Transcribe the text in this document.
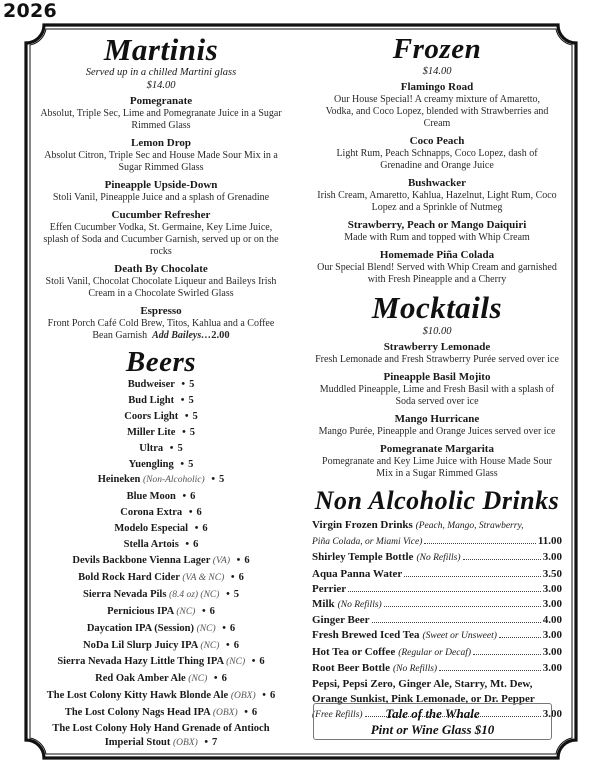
2026
Martinis
Served up in a chilled Martini glass
$14.00
Pomegranate
Absolut, Triple Sec, Lime and Pomegranate Juice in a Sugar Rimmed Glass
Lemon Drop
Absolut Citron, Triple Sec and House Made Sour Mix in a Sugar Rimmed Glass
Pineapple Upside-Down
Stoli Vanil, Pineapple Juice and a splash of Grenadine
Cucumber Refresher
Effen Cucumber Vodka, St. Germaine, Key Lime Juice, splash of Soda and Cucumber Garnish, served up or on the rocks
Death By Chocolate
Stoli Vanil, Chocolat Chocolate Liqueur and Baileys Irish Cream in a Chocolate Swirled Glass
Espresso
Front Porch Café Cold Brew, Titos, Kahlua and a Coffee Bean Garnish Add Baileys…2.00
Beers
Budweiser • 5
Bud Light • 5
Coors Light • 5
Miller Lite • 5
Ultra • 5
Yuengling • 5
Heineken (Non-Alcoholic) • 5
Blue Moon • 6
Corona Extra • 6
Modelo Especial • 6
Stella Artois • 6
Devils Backbone Vienna Lager (VA) • 6
Bold Rock Hard Cider (VA & NC) • 6
Sierra Nevada Pils (8.4 oz) (NC) • 5
Pernicious IPA (NC) • 6
Daycation IPA (Session) (NC) • 6
NoDa Lil Slurp Juicy IPA (NC) • 6
Sierra Nevada Hazy Little Thing IPA (NC) • 6
Red Oak Amber Ale (NC) • 6
The Lost Colony Kitty Hawk Blonde Ale (OBX) • 6
The Lost Colony Nags Head IPA (OBX) • 6
The Lost Colony Holy Hand Grenade of Antioch Imperial Stout (OBX) • 7
Frozen
$14.00
Flamingo Road
Our House Special! A creamy mixture of Amaretto, Vodka, and Coco Lopez, blended with Strawberries and Cream
Coco Peach
Light Rum, Peach Schnapps, Coco Lopez, dash of Grenadine and Orange Juice
Bushwacker
Irish Cream, Amaretto, Kahlua, Hazelnut, Light Rum, Coco Lopez and a Sprinkle of Nutmeg
Strawberry, Peach or Mango Daiquiri
Made with Rum and topped with Whip Cream
Homemade Piña Colada
Our Special Blend! Served with Whip Cream and garnished with Fresh Pineapple and a Cherry
Mocktails
$10.00
Strawberry Lemonade
Fresh Lemonade and Fresh Strawberry Purée served over ice
Pineapple Basil Mojito
Muddled Pineapple, Lime and Fresh Basil with a splash of Soda served over ice
Mango Hurricane
Mango Purée, Pineapple and Orange Juices served over ice
Pomegranate Margarita
Pomegranate and Key Lime Juice with House Made Sour Mix in a Sugar Rimmed Glass
Non Alcoholic Drinks
Virgin Frozen Drinks (Peach, Mango, Strawberry,
Piña Colada, or Miami Vice)	11.00
Shirley Temple Bottle (No Refills)	3.00
Aqua Panna Water	3.50
Perrier	3.00
Milk (No Refills)	3.00
Ginger Beer	4.00
Fresh Brewed Iced Tea (Sweet or Unsweet)	3.00
Hot Tea or Coffee (Regular or Decaf)	3.00
Root Beer Bottle (No Refills)	3.00
Pepsi, Pepsi Zero, Ginger Ale, Starry, Mt. Dew,
Orange Sunkist, Pink Lemonade, or Dr. Pepper
(Free Refills)	3.00
Tale of the Whale
Pint or Wine Glass $10
